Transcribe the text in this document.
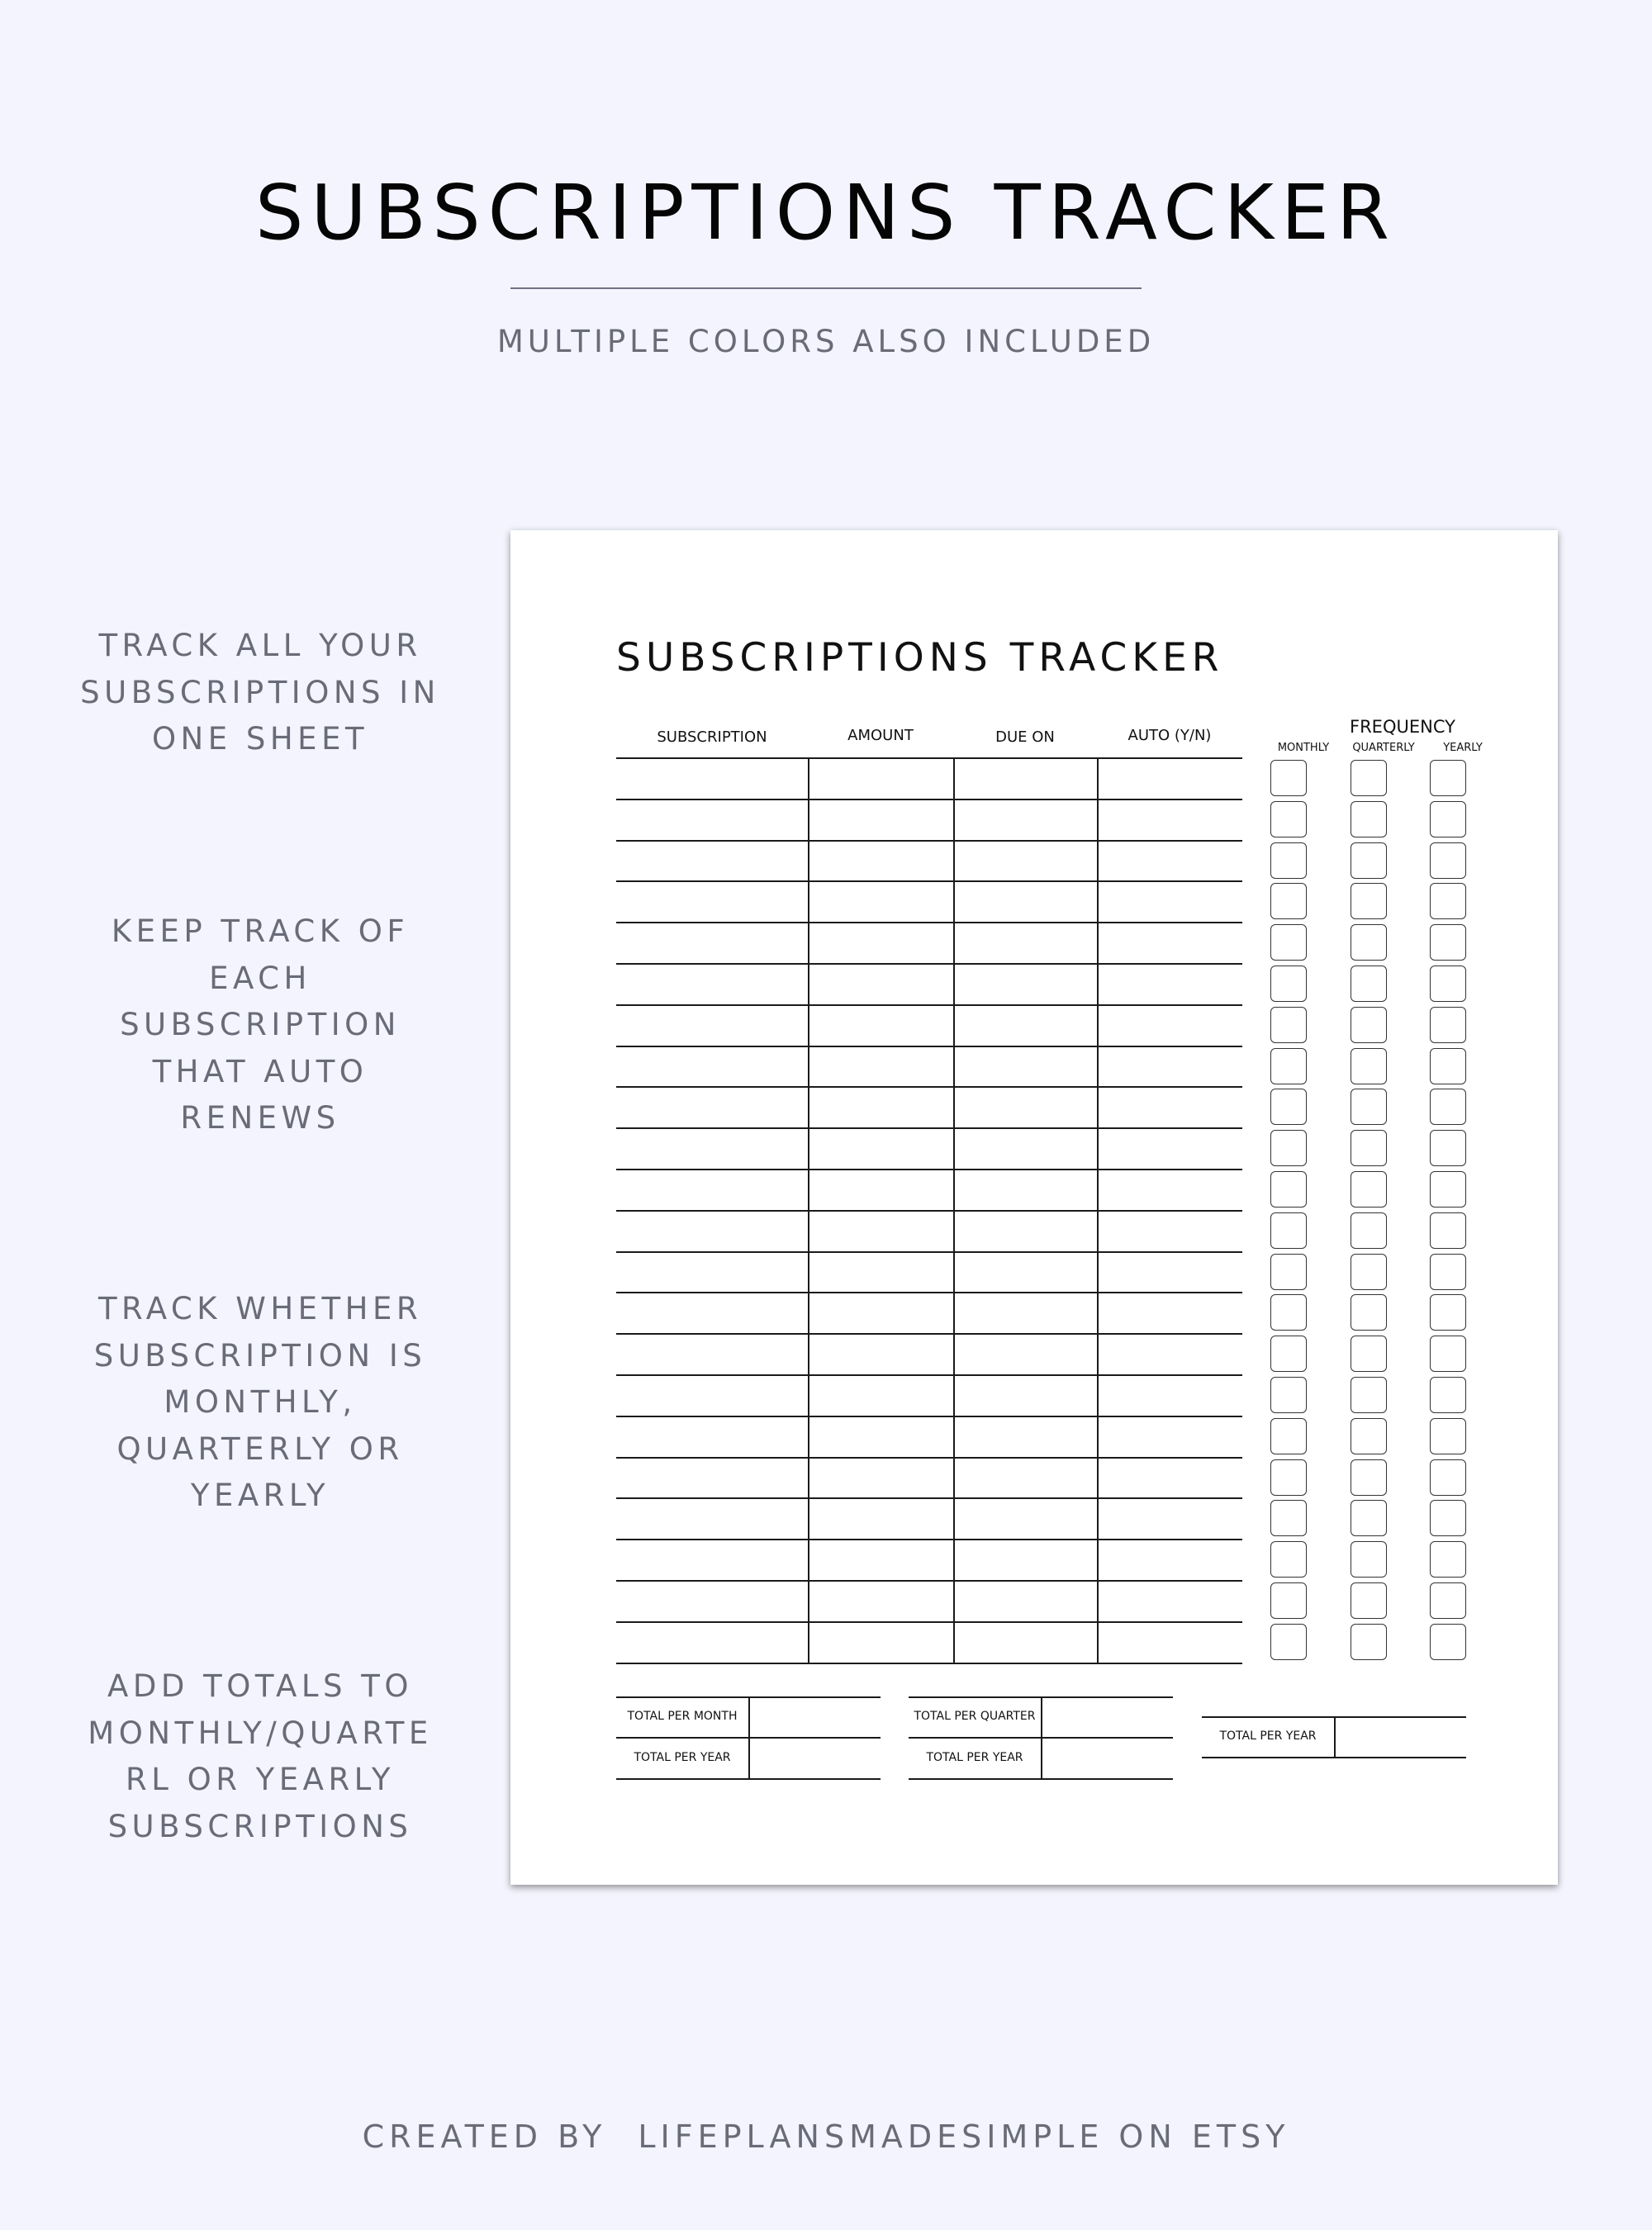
SUBSCRIPTIONS TRACKER
MULTIPLE COLORS ALSO INCLUDED
TRACK ALL YOUR
SUBSCRIPTIONS IN
ONE SHEET
KEEP TRACK OF
EACH
SUBSCRIPTION
THAT AUTO
RENEWS
TRACK WHETHER
SUBSCRIPTION IS
MONTHLY,
QUARTERLY OR
YEARLY
ADD TOTALS TO
MONTHLY/QUARTE
RL OR YEARLY
SUBSCRIPTIONS
SUBSCRIPTIONS TRACKER
SUBSCRIPTION	AMOUNT	DUE ON	AUTO (Y/N)	FREQUENCY
MONTHLY	QUARTERLY	YEARLY
TOTAL PER MONTH
TOTAL PER YEAR
TOTAL PER QUARTER
TOTAL PER YEAR
TOTAL PER YEAR
CREATED BY LIFEPLANSMADESIMPLE ON ETSY
